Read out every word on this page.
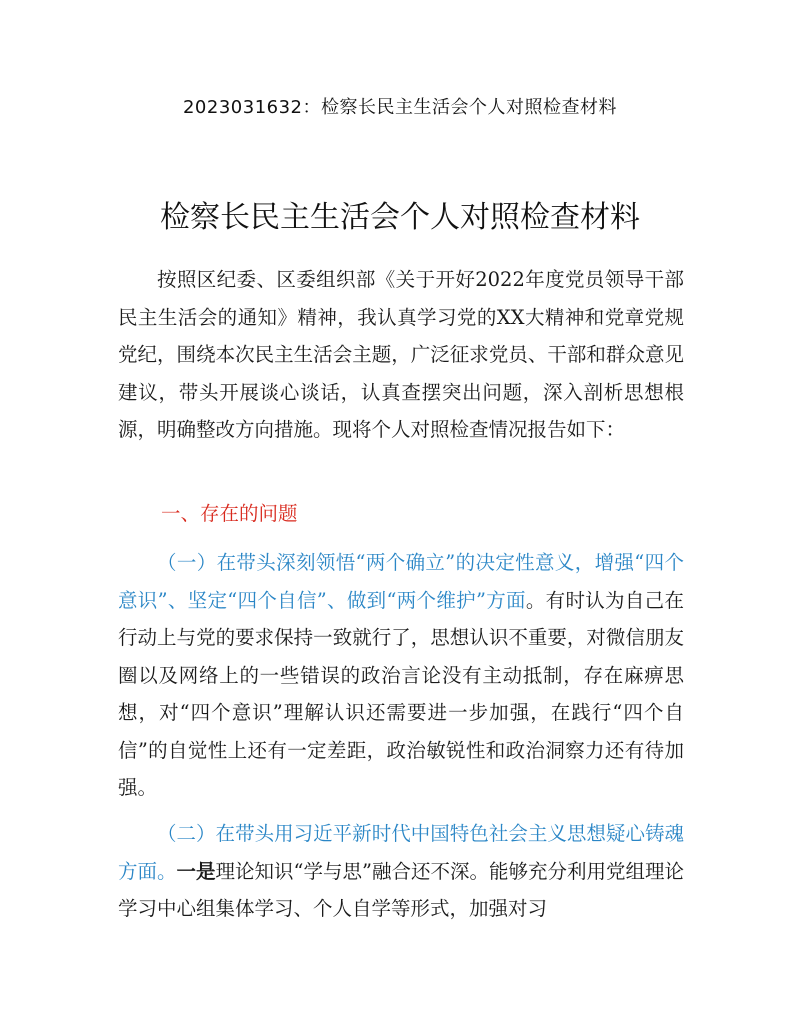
2023031632：检察长民主生活会个人对照检查材料
检察长民主生活会个人对照检查材料

按照区纪委、区委组织部《关于开好2022年度党员领导干部民主生活会的通知》精神，我认真学习党的XX大精神和党章党规党纪，围绕本次民主生活会主题，广泛征求党员、干部和群众意见建议，带头开展谈心谈话，认真查摆突出问题，深入剖析思想根源，明确整改方向措施。现将个人对照检查情况报告如下：

一、存在的问题

（一）在带头深刻领悟“两个确立”的决定性意义，增强“四个意识”、坚定“四个自信”、做到“两个维护”方面。有时认为自己在行动上与党的要求保持一致就行了，思想认识不重要，对微信朋友圈以及网络上的一些错误的政治言论没有主动抵制，存在麻痹思想，对“四个意识”理解认识还需要进一步加强，在践行“四个自信”的自觉性上还有一定差距，政治敏锐性和政治洞察力还有待加强。

（二）在带头用习近平新时代中国特色社会主义思想疑心铸魂方面。一是理论知识“学与思”融合还不深。能够充分利用党组理论学习中心组集体学习、个人自学等形式，加强对习
